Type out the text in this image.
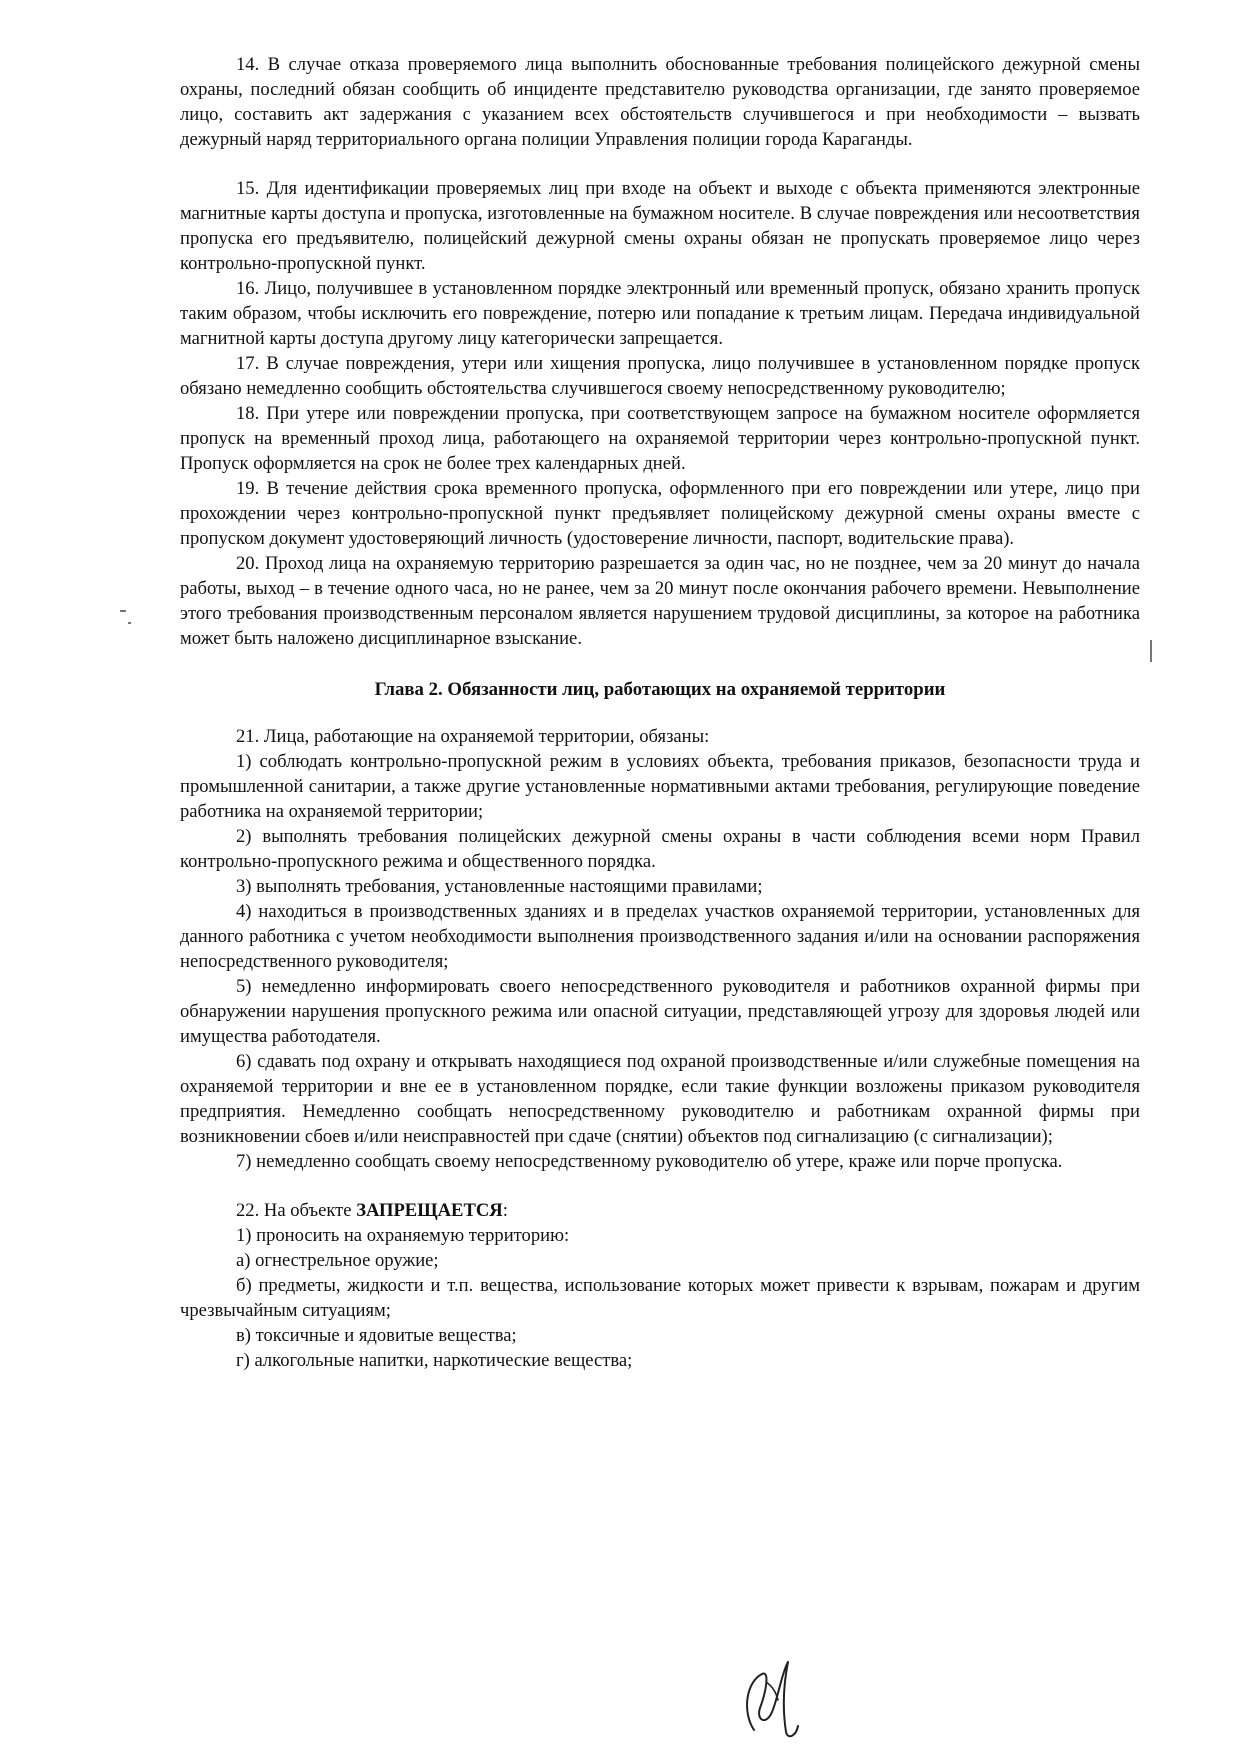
14. В случае отказа проверяемого лица выполнить обоснованные требования полицейского дежурной смены охраны, последний обязан сообщить об инциденте представителю руководства организации, где занято проверяемое лицо, составить акт задержания с указанием всех обстоятельств случившегося и при необходимости – вызвать дежурный наряд территориального органа полиции Управления полиции города Караганды.

15. Для идентификации проверяемых лиц при входе на объект и выходе с объекта применяются электронные магнитные карты доступа и пропуска, изготовленные на бумажном носителе. В случае повреждения или несоответствия пропуска его предъявителю, полицейский дежурной смены охраны обязан не пропускать проверяемое лицо через контрольно-пропускной пункт.

16. Лицо, получившее в установленном порядке электронный или временный пропуск, обязано хранить пропуск таким образом, чтобы исключить его повреждение, потерю или попадание к третьим лицам. Передача индивидуальной магнитной карты доступа другому лицу категорически запрещается.

17. В случае повреждения, утери или хищения пропуска, лицо получившее в установленном порядке пропуск обязано немедленно сообщить обстоятельства случившегося своему непосредственному руководителю;

18. При утере или повреждении пропуска, при соответствующем запросе на бумажном носителе оформляется пропуск на временный проход лица, работающего на охраняемой территории через контрольно-пропускной пункт. Пропуск оформляется на срок не более трех календарных дней.

19. В течение действия срока временного пропуска, оформленного при его повреждении или утере, лицо при прохождении через контрольно-пропускной пункт предъявляет полицейскому дежурной смены охраны вместе с пропуском документ удостоверяющий личность (удостоверение личности, паспорт, водительские права).

20. Проход лица на охраняемую территорию разрешается за один час, но не позднее, чем за 20 минут до начала работы, выход – в течение одного часа, но не ранее, чем за 20 минут после окончания рабочего времени. Невыполнение этого требования производственным персоналом является нарушением трудовой дисциплины, за которое на работника может быть наложено дисциплинарное взыскание.

Глава 2. Обязанности лиц, работающих на охраняемой территории

21. Лица, работающие на охраняемой территории, обязаны:

1) соблюдать контрольно-пропускной режим в условиях объекта, требования приказов, безопасности труда и промышленной санитарии, а также другие установленные нормативными актами требования, регулирующие поведение работника на охраняемой территории;

2) выполнять требования полицейских дежурной смены охраны в части соблюдения всеми норм Правил контрольно-пропускного режима и общественного порядка.

3) выполнять требования, установленные настоящими правилами;

4) находиться в производственных зданиях и в пределах участков охраняемой территории, установленных для данного работника с учетом необходимости выполнения производственного задания и/или на основании распоряжения непосредственного руководителя;

5) немедленно информировать своего непосредственного руководителя и работников охранной фирмы при обнаружении нарушения пропускного режима или опасной ситуации, представляющей угрозу для здоровья людей или имущества работодателя.

6) сдавать под охрану и открывать находящиеся под охраной производственные и/или служебные помещения на охраняемой территории и вне ее в установленном порядке, если такие функции возложены приказом руководителя предприятия. Немедленно сообщать непосредственному руководителю и работникам охранной фирмы при возникновении сбоев и/или неисправностей при сдаче (снятии) объектов под сигнализацию (с сигнализации);

7) немедленно сообщать своему непосредственному руководителю об утере, краже или порче пропуска.

22. На объекте ЗАПРЕЩАЕТСЯ:

1) проносить на охраняемую территорию:

а) огнестрельное оружие;

б) предметы, жидкости и т.п. вещества, использование которых может привести к взрывам, пожарам и другим чрезвычайным ситуациям;

в) токсичные и ядовитые вещества;

г) алкогольные напитки, наркотические вещества;
